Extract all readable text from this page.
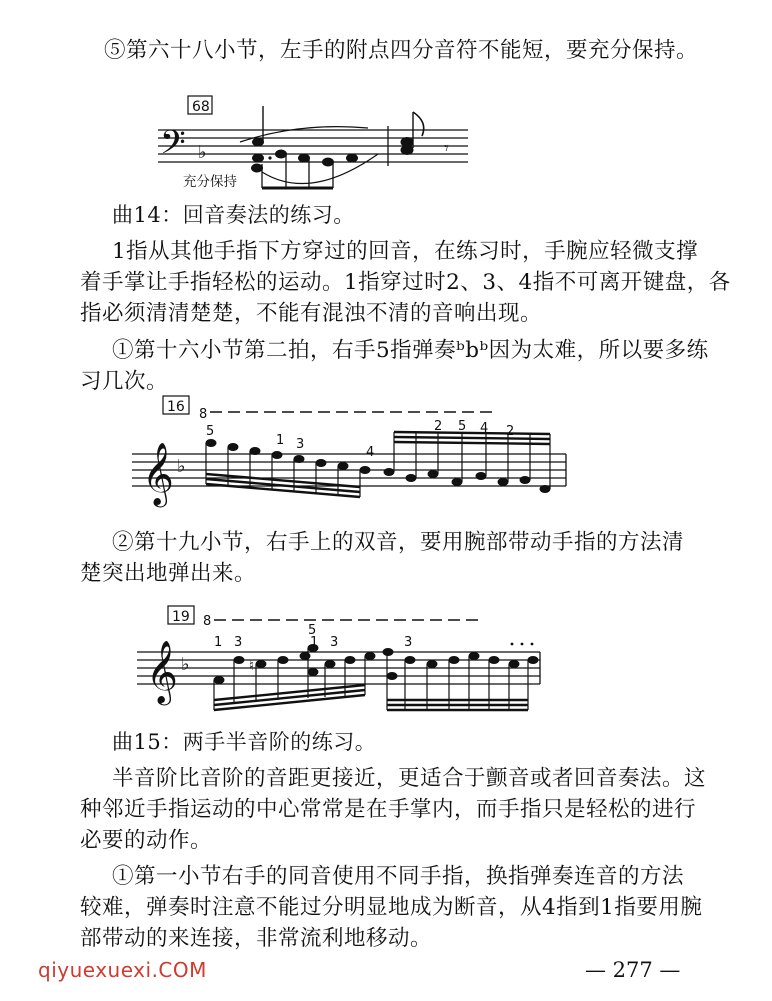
⑤第六十八小节，左手的附点四分音符不能短，要充分保持。

68
𝄢 ♭	𝄾
充分保持

曲14：回音奏法的练习。

1指从其他手指下方穿过的回音，在练习时，手腕应轻微支撑

着手掌让手指轻松的运动。1指穿过时2、3、4指不可离开键盘，各

指必须清清楚楚，不能有混浊不清的音响出现。

①第十六小节第二拍，右手5指弹奏ᵇbᵇ因为太难，所以要多练

习几次。

16 8
𝄞 ♭
5
1 3
4
2 5 4 2

②第十九小节，右手上的双音，要用腕部带动手指的方法清

楚突出地弹出来。

19 8
𝄞 ♭	♮
1 3
5
1 3	3

曲15：两手半音阶的练习。

半音阶比音阶的音距更接近，更适合于颤音或者回音奏法。这

种邻近手指运动的中心常常是在手掌内，而手指只是轻松的进行

必要的动作。

①第一小节右手的同音使用不同手指，换指弹奏连音的方法

较难，弹奏时注意不能过分明显地成为断音，从4指到1指要用腕

部带动的来连接，非常流利地移动。

qiyuexuexi.COM	— 277 —
